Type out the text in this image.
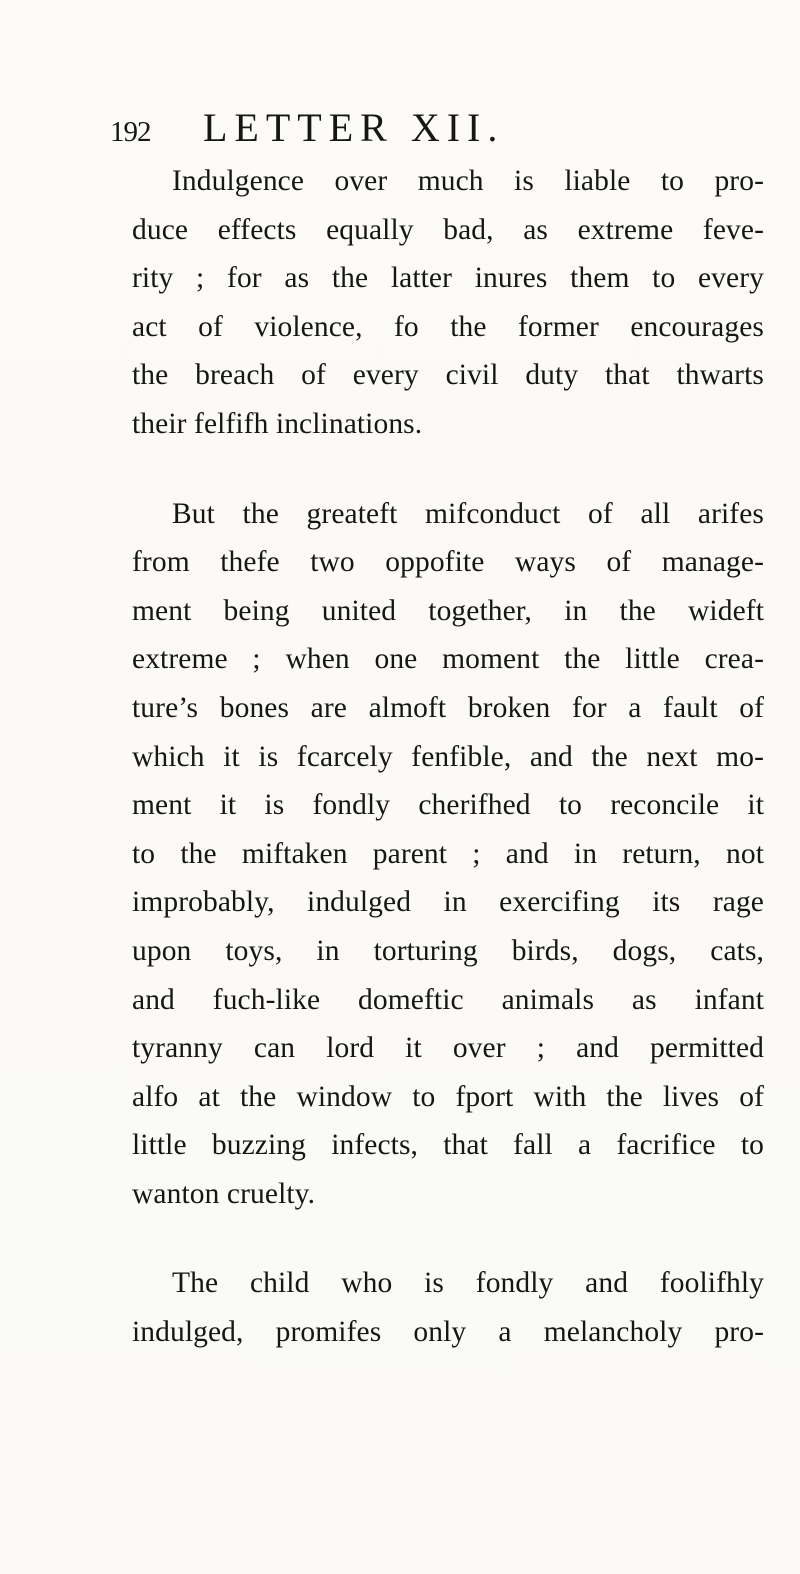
192 LETTER XII.
Indulgence over much is liable to pro-
duce effects equally bad, as extreme feve-
rity ; for as the latter inures them to every
act of violence, fo the former encourages
the breach of every civil duty that thwarts
their felfifh inclinations.
But the greateft mifconduct of all arifes
from thefe two oppofite ways of manage-
ment being united together, in the wideft
extreme ; when one moment the little crea-
ture’s bones are almoft broken for a fault of
which it is fcarcely fenfible, and the next mo-
ment it is fondly cherifhed to reconcile it
to the miftaken parent ; and in return, not
improbably, indulged in exercifing its rage
upon toys, in torturing birds, dogs, cats,
and fuch-like domeftic animals as infant
tyranny can lord it over ; and permitted
alfo at the window to fport with the lives of
little buzzing infects, that fall a facrifice to
wanton cruelty.
The child who is fondly and foolifhly
indulged, promifes only a melancholy pro-
